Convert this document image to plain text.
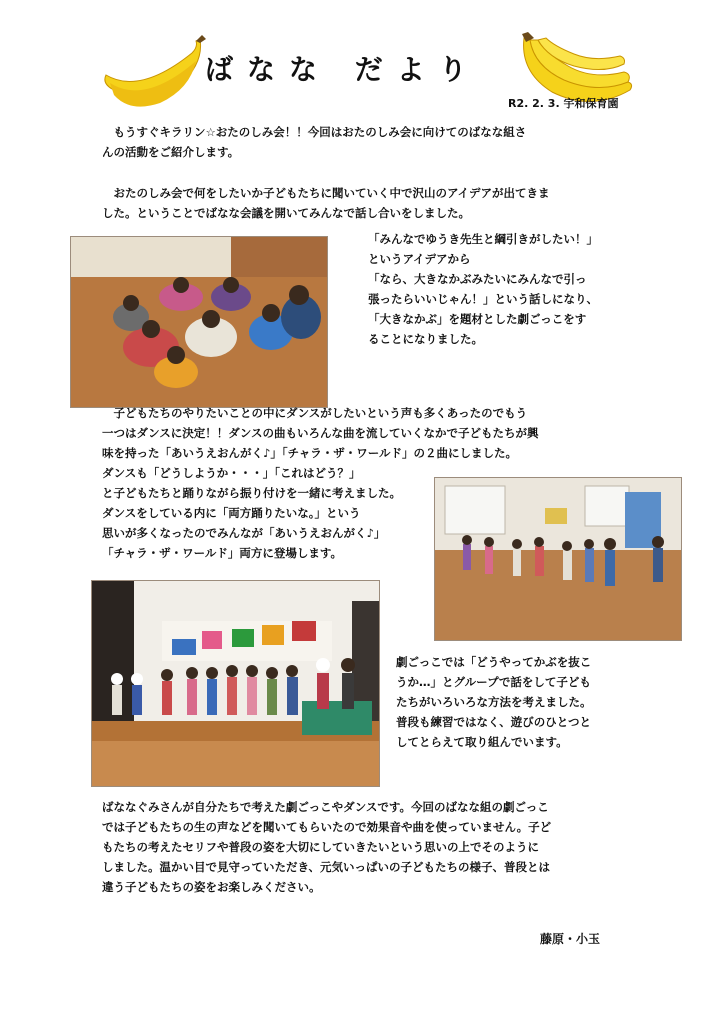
ばなな だより
R2. 2. 3. 宇和保育園

　もうすぐキラリン☆おたのしみ会！！今回はおたのしみ会に向けてのばなな組さ

んの活動をご紹介します。

　おたのしみ会で何をしたいか子どもたちに聞いていく中で沢山のアイデアが出てきま

した。ということでばなな会議を開いてみんなで話し合いをしました。

「みんなでゆうき先生と綱引きがしたい！」

というアイデアから

「なら、大きなかぶみたいにみんなで引っ

張ったらいいじゃん！」という話しになり、

「大きなかぶ」を題材とした劇ごっこをす

ることになりました。

　子どもたちのやりたいことの中にダンスがしたいという声も多くあったのでもう

一つはダンスに決定！！ダンスの曲もいろんな曲を流していくなかで子どもたちが興

味を持った「あいうえおんがく♪」「チャラ・ザ・ワールド」の２曲にしました。

ダンスも「どうしようか・・・」「これはどう？」

と子どもたちと踊りながら振り付けを一緒に考えました。

ダンスをしている内に「両方踊りたいな。」という

思いが多くなったのでみんなが「あいうえおんがく♪」

「チャラ・ザ・ワールド」両方に登場します。

劇ごっこでは「どうやってかぶを抜こ

うか…」とグループで話をして子ども

たちがいろいろな方法を考えました。

普段も練習ではなく、遊びのひとつと

してとらえて取り組んでいます。

ばななぐみさんが自分たちで考えた劇ごっこやダンスです。今回のばなな組の劇ごっこ

では子どもたちの生の声などを聞いてもらいたので効果音や曲を使っていません。子ど

もたちの考えたセリフや普段の姿を大切にしていきたいという思いの上でそのように

しました。温かい目で見守っていただき、元気いっぱいの子どもたちの様子、普段とは

違う子どもたちの姿をお楽しみください。

藤原・小玉
